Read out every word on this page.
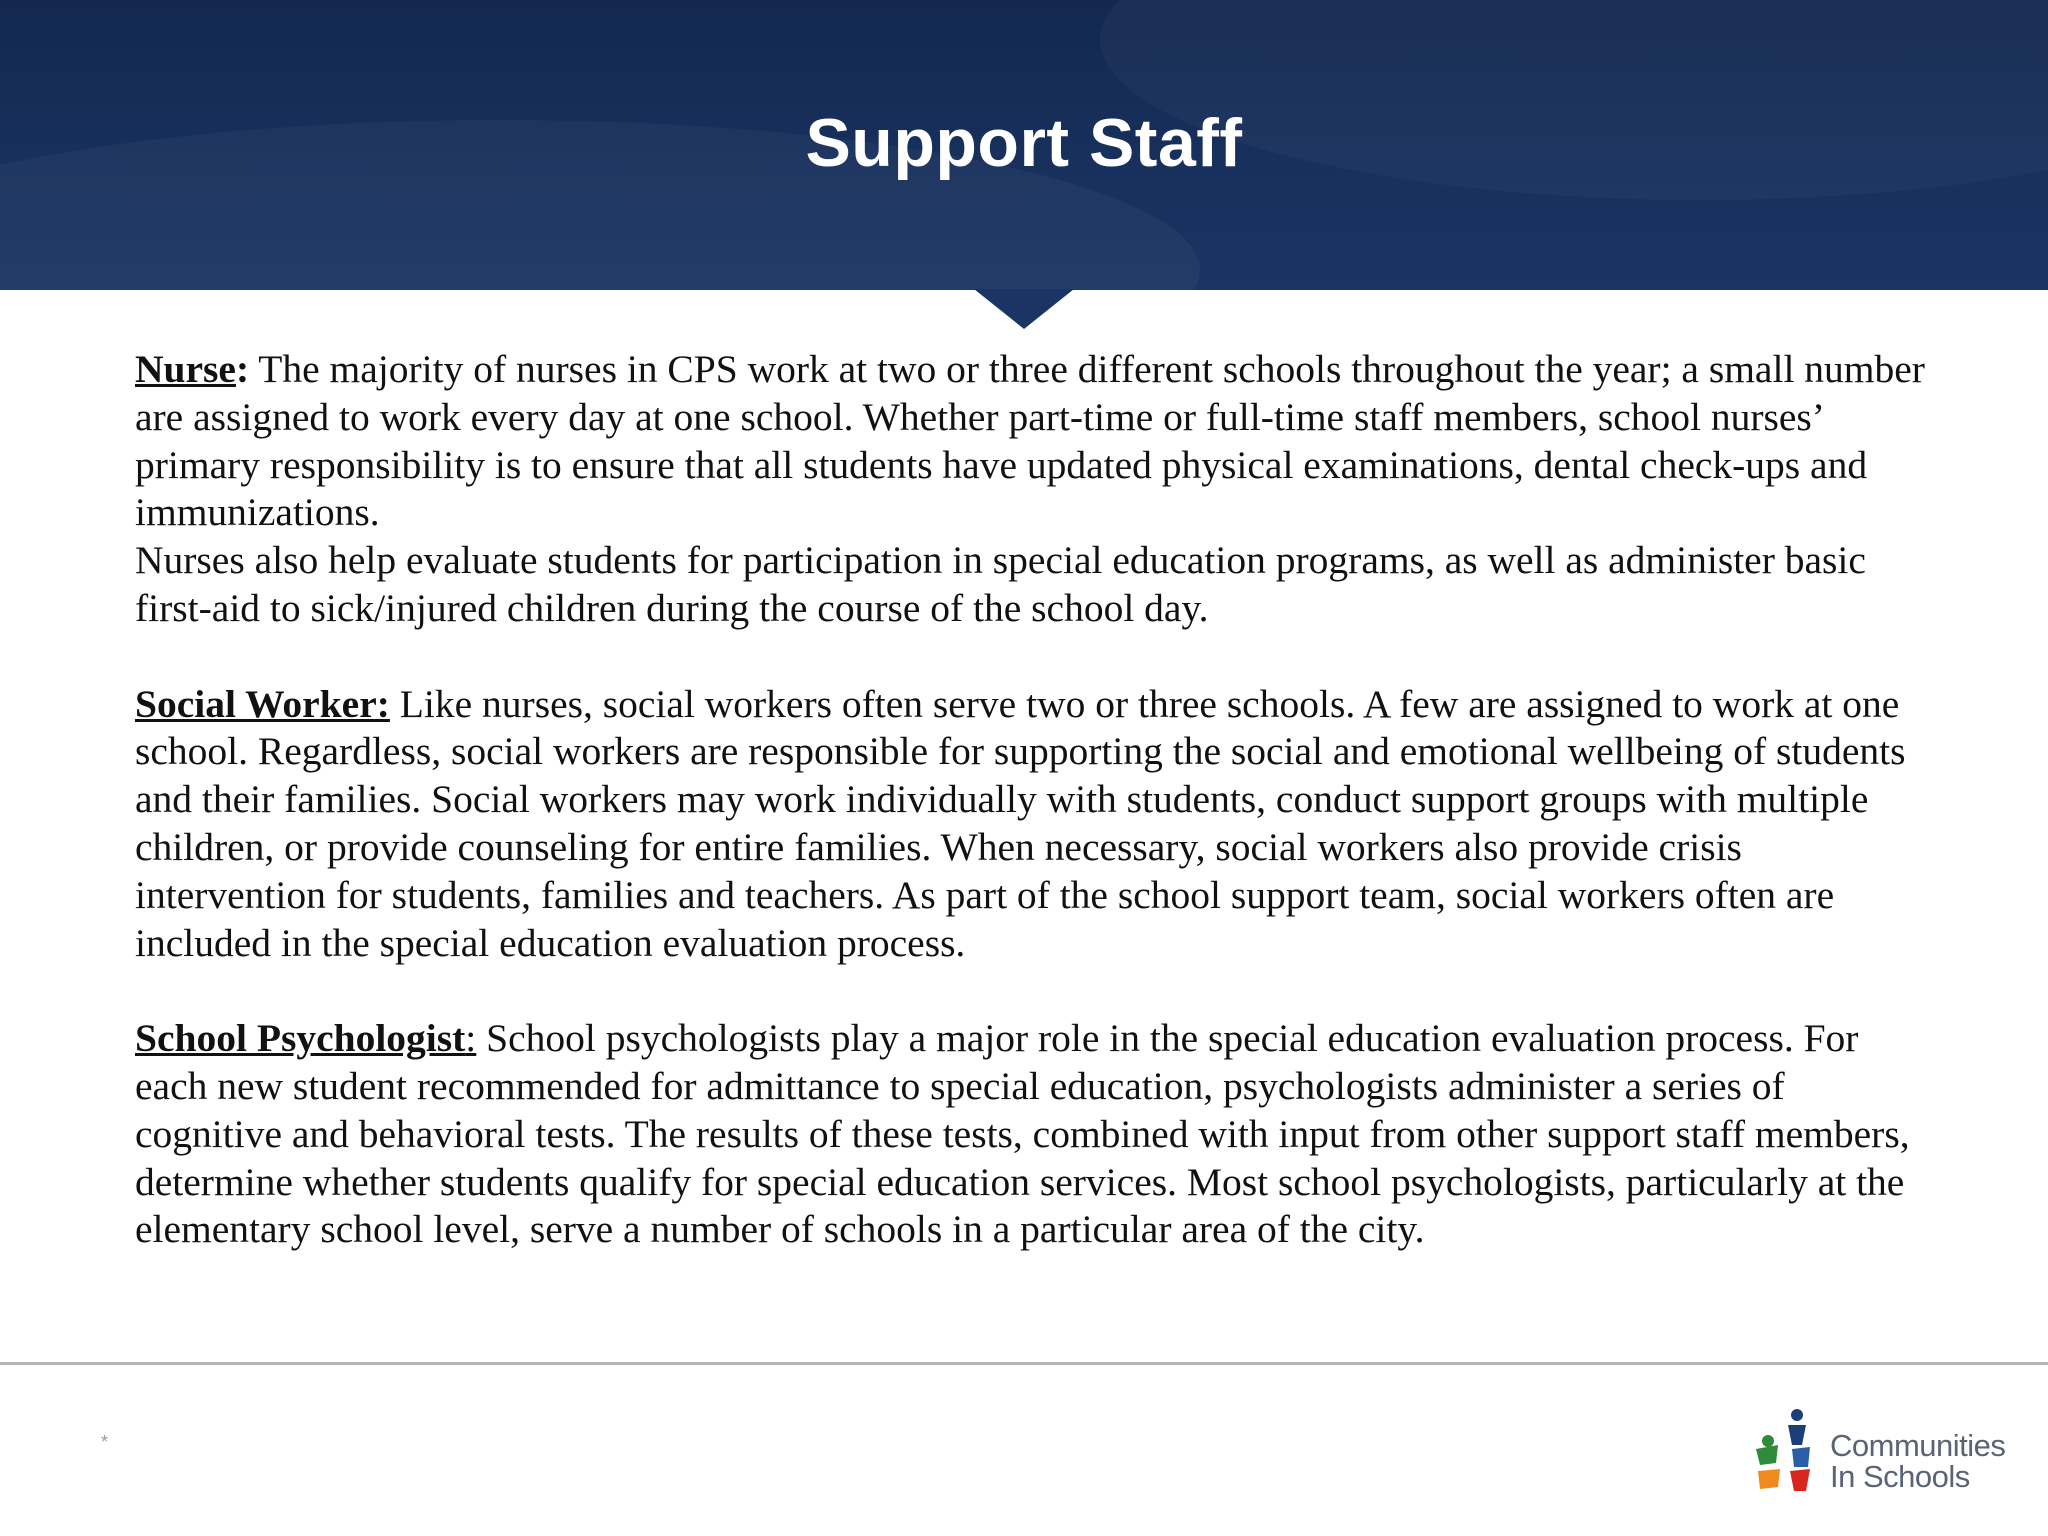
Support Staff

Nurse: The majority of nurses in CPS work at two or three different schools throughout the year; a small number are assigned to work every day at one school. Whether part-time or full-time staff members, school nurses’ primary responsibility is to ensure that all students have updated physical examinations, dental check-ups and immunizations.

Nurses also help evaluate students for participation in special education programs, as well as administer basic first-aid to sick/injured children during the course of the school day.

Social Worker: Like nurses, social workers often serve two or three schools. A few are assigned to work at one school. Regardless, social workers are responsible for supporting the social and emotional wellbeing of students and their families. Social workers may work individually with students, conduct support groups with multiple children, or provide counseling for entire families. When necessary, social workers also provide crisis intervention for students, families and teachers. As part of the school support team, social workers often are included in the special education evaluation process.

School Psychologist: School psychologists play a major role in the special education evaluation process. For each new student recommended for admittance to special education, psychologists administer a series of cognitive and behavioral tests. The results of these tests, combined with input from other support staff members, determine whether students qualify for special education services. Most school psychologists, particularly at the elementary school level, serve a number of schools in a particular area of the city.

*	Communities
In Schools
